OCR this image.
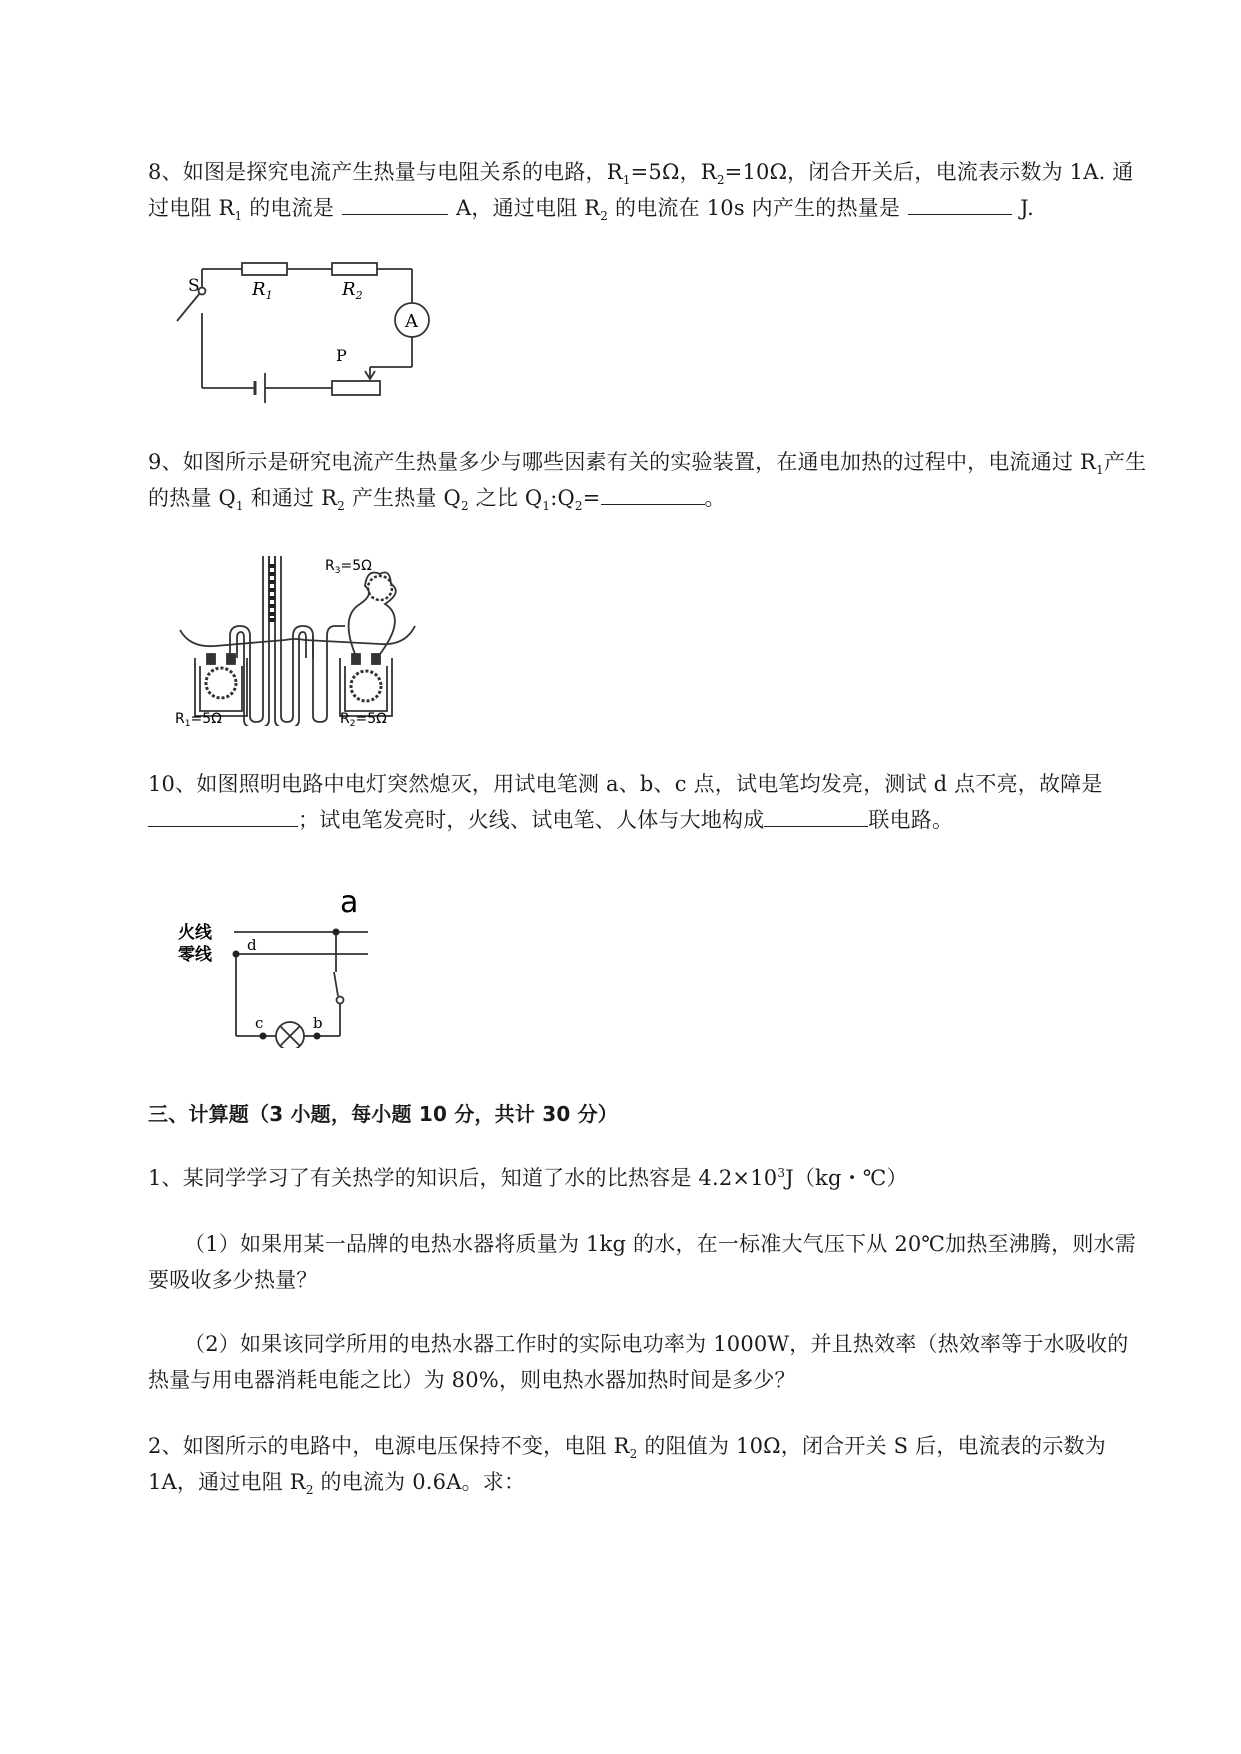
8、如图是探究电流产生热量与电阻关系的电路，$R_1=5\Omega$，$R_2=10\Omega$，闭合开关后，电流表示数为 1A. 通过电阻 $R_1$ 的电流是	A，通过电阻 $R_2$ 的电流在 10s 内产生的热量是	J.
S	$R_1$	$R_2$
A
P
9、如图所示是研究电流产生热量多少与哪些因素有关的实验装置，在通电加热的过程中，电流通过 $R_1$产生的热量 $Q_1$ 和通过 $R_2$ 产生热量 $Q_2$ 之比 $Q_1:Q_2=$	。
$R_3=5\Omega$
$R_1=5\Omega$	$R_2=5\Omega$
10、如图照明电路中电灯突然熄灭，用试电笔测 a、b、c 点，试电笔均发亮，测试 d 点不亮，故障是；试电笔发亮时，火线、试电笔、人体与大地构成	联电路。
火线
零线
a
d
c	b
三、计算题（3 小题，每小题 10 分，共计 30 分）
1、某同学学习了有关热学的知识后，知道了水的比热容是 $4.2\times 10^3J(kg$・℃）
（1）如果用某一品牌的电热水器将质量为 1kg 的水，在一标准大气压下从 20℃加热至沸腾，则水需要吸收多少热量？
（2）如果该同学所用的电热水器工作时的实际电功率为 1000W，并且热效率（热效率等于水吸收的热量与用电器消耗电能之比）为 80%，则电热水器加热时间是多少？
2、如图所示的电路中，电源电压保持不变，电阻 $R_2$ 的阻值为 10Ω，闭合开关 S 后，电流表的示数为 1A，通过电阻 $R_2$ 的电流为 0.6A。求：
